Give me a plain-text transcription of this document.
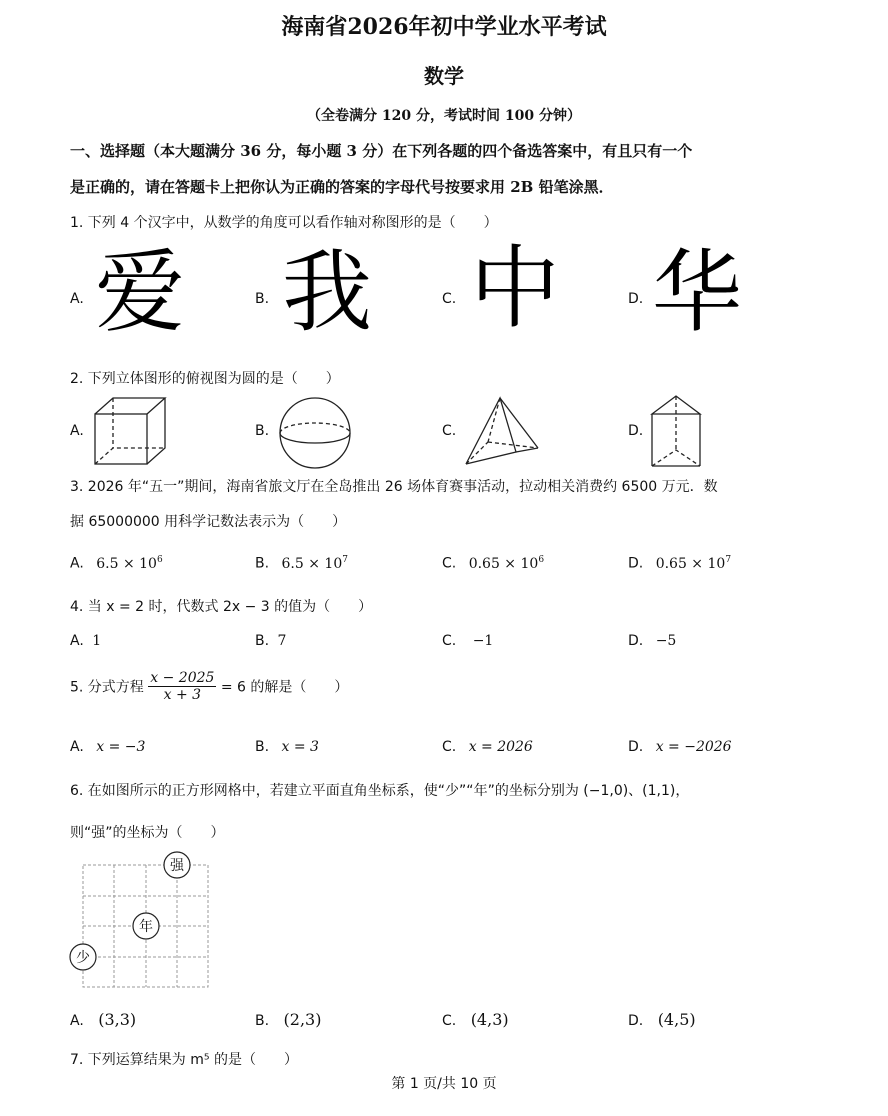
海南省2026年初中学业水平考试
数学
（全卷满分 120 分，考试时间 100 分钟）
一、选择题（本大题满分 36 分，每小题 3 分）在下列各题的四个备选答案中，有且只有一个
是正确的，请在答题卡上把你认为正确的答案的字母代号按要求用 2B 铅笔涂黑．
1. 下列 4 个汉字中，从数学的角度可以看作轴对称图形的是（　　）
A. 爱	B. 我	C. 中	D. 华
2. 下列立体图形的俯视图为圆的是（　　）
A.	B.	C.	D.
3. 2026 年“五一”期间，海南省旅文厅在全岛推出 26 场体育赛事活动，拉动相关消费约 6500 万元．数
据 65000000 用科学记数法表示为（　　）
A. $6.5 \times 10^6$	B. $6.5 \times 10^7$	C. $0.65 \times 10^6$	D. $0.65 \times 10^7$
4. 当 x = 2 时，代数式 2x − 3 的值为（　　）
A. 1	B. 7	C. −1	D. −5
5. 分式方程 $\frac{x - 2025}{x + 3} = 6$ 的解是（　　）
A. x = −3	B. x = 3	C. x = 2026	D. x = −2026
6. 在如图所示的正方形网格中，若建立平面直角坐标系，使“少”“年”的坐标分别为 (−1,0)、(1,1)，
则“强”的坐标为（　　）
少
年
强
A. (3,3)	B. (2,3)	C. (4,3)	D. (4,5)
7. 下列运算结果为 m⁵ 的是（　　）
第 1 页/共 10 页
